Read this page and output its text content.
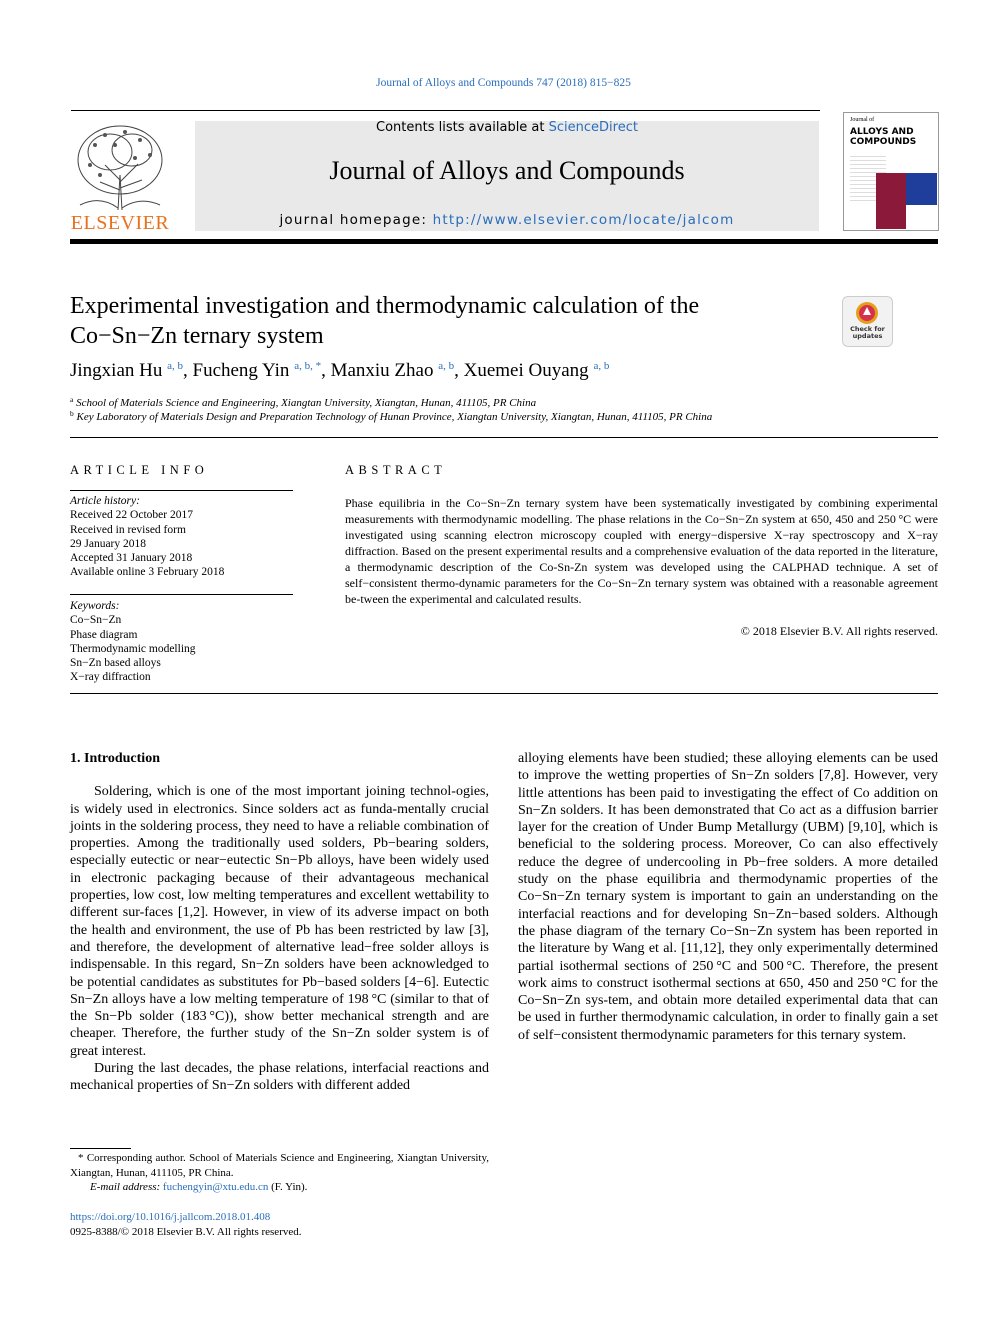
Journal of Alloys and Compounds 747 (2018) 815−825
ELSEVIER
Contents lists available at ScienceDirect
Journal of Alloys and Compounds
journal homepage: http://www.elsevier.com/locate/jalcom
Journal of
ALLOYS AND COMPOUNDS
Experimental investigation and thermodynamic calculation of the
Co−Sn−Zn ternary system	Check for updates
Jingxian Hu $^{a, b}$, Fucheng Yin $^{a, b, *}$, Manxiu Zhao $^{a, b}$, Xuemei Ouyang $^{a, b}$
$^a$ School of Materials Science and Engineering, Xiangtan University, Xiangtan, Hunan, 411105, PR China
$^b$ Key Laboratory of Materials Design and Preparation Technology of Hunan Province, Xiangtan University, Xiangtan, Hunan, 411105, PR China
ARTICLE INFO	ABSTRACT
Article history:
Received 22 October 2017
Received in revised form
29 January 2018
Accepted 31 January 2018
Available online 3 February 2018
Keywords:
Co−Sn−Zn
Phase diagram
Thermodynamic modelling
Sn−Zn based alloys
X−ray diffraction
Phase equilibria in the Co−Sn−Zn ternary system have been systematically investigated by combining experimental measurements with thermodynamic modelling. The phase relations in the Co−Sn−Zn system at 650, 450 and 250 °C were investigated using scanning electron microscopy coupled with energy−dispersive X−ray spectroscopy and X−ray diffraction. Based on the present experimental results and a comprehensive evaluation of the data reported in the literature, a thermodynamic description of the Co-Sn-Zn system was developed using the CALPHAD technique. A set of self−consistent thermo-dynamic parameters for the Co−Sn−Zn ternary system was obtained with a reasonable agreement be-tween the experimental and calculated results.
© 2018 Elsevier B.V. All rights reserved.
1. Introduction

Soldering, which is one of the most important joining technol-ogies, is widely used in electronics. Since solders act as funda-mentally crucial joints in the soldering process, they need to have a reliable combination of properties. Among the traditionally used solders, Pb−bearing solders, especially eutectic or near−eutectic Sn−Pb alloys, have been widely used in electronic packaging because of their advantageous mechanical properties, low cost, low melting temperatures and excellent wettability to different sur-faces [1,2]. However, in view of its adverse impact on both the health and environment, the use of Pb has been restricted by law [3], and therefore, the development of alternative lead−free solder alloys is indispensable. In this regard, Sn−Zn solders have been acknowledged to be potential candidates as substitutes for Pb−based solders [4−6]. Eutectic Sn−Zn alloys have a low melting temperature of 198 °C (similar to that of the Sn−Pb solder (183 °C)), show better mechanical strength and are cheaper. Therefore, the further study of the Sn−Zn solder system is of great interest.

During the last decades, the phase relations, interfacial reactions and mechanical properties of Sn−Zn solders with different added

alloying elements have been studied; these alloying elements can be used to improve the wetting properties of Sn−Zn solders [7,8]. However, very little attentions has been paid to investigating the effect of Co addition on Sn−Zn solders. It has been demonstrated that Co act as a diffusion barrier layer for the creation of Under Bump Metallurgy (UBM) [9,10], which is beneficial to the soldering process. Moreover, Co can also effectively reduce the degree of undercooling in Pb−free solders. A more detailed study on the phase equilibria and thermodynamic properties of the Co−Sn−Zn ternary system is important to gain an understanding on the interfacial reactions and for developing Sn−Zn−based solders. Although the phase diagram of the ternary Co−Sn−Zn system has been reported in the literature by Wang et al. [11,12], they only experimentally determined partial isothermal sections of 250 °C and 500 °C. Therefore, the present work aims to construct isothermal sections at 650, 450 and 250 °C for the Co−Sn−Zn sys-tem, and obtain more detailed experimental data that can be used in further thermodynamic calculation, in order to finally gain a set of self−consistent thermodynamic parameters for this ternary system.

* Corresponding author. School of Materials Science and Engineering, Xiangtan University, Xiangtan, Hunan, 411105, PR China.
E-mail address: fuchengyin@xtu.edu.cn (F. Yin).
https://doi.org/10.1016/j.jallcom.2018.01.408
0925-8388/© 2018 Elsevier B.V. All rights reserved.
